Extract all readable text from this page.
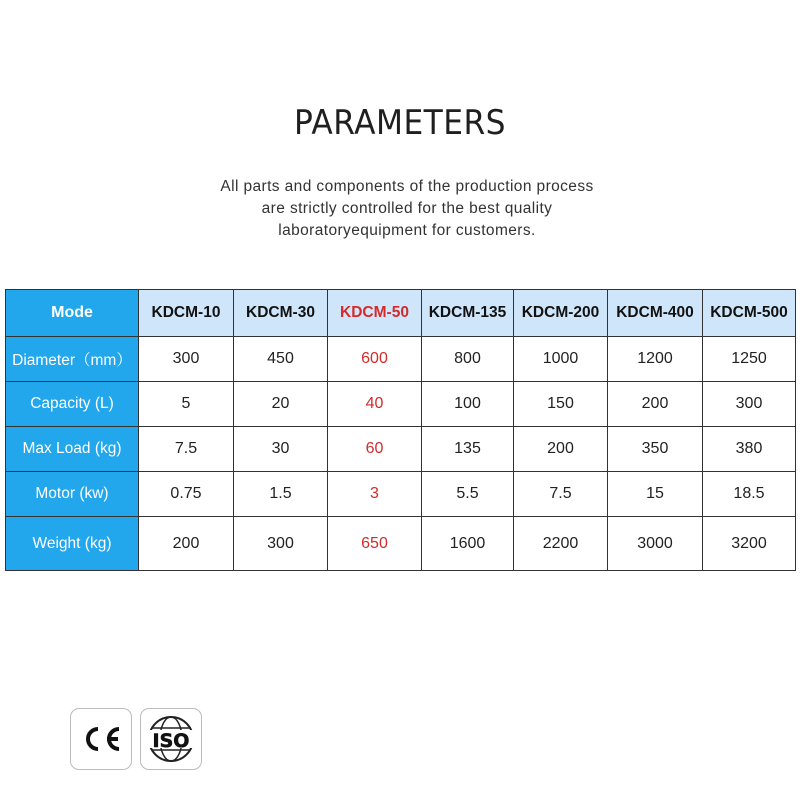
PARAMETERS
All parts and components of the production process
are strictly controlled for the best quality
laboratoryequipment for customers.
Mode	KDCM-10	KDCM-30	KDCM-50	KDCM-135	KDCM-200	KDCM-400	KDCM-500
Diameter（mm）	300	450	600	800	1000	1200	1250
Capacity (L)	5	20	40	100	150	200	300
Max Load (kg)	7.5	30	60	135	200	350	380
Motor (kw)	0.75	1.5	3	5.5	7.5	15	18.5
Weight (kg)	200	300	650	1600	2200	3000	3200
ISO
